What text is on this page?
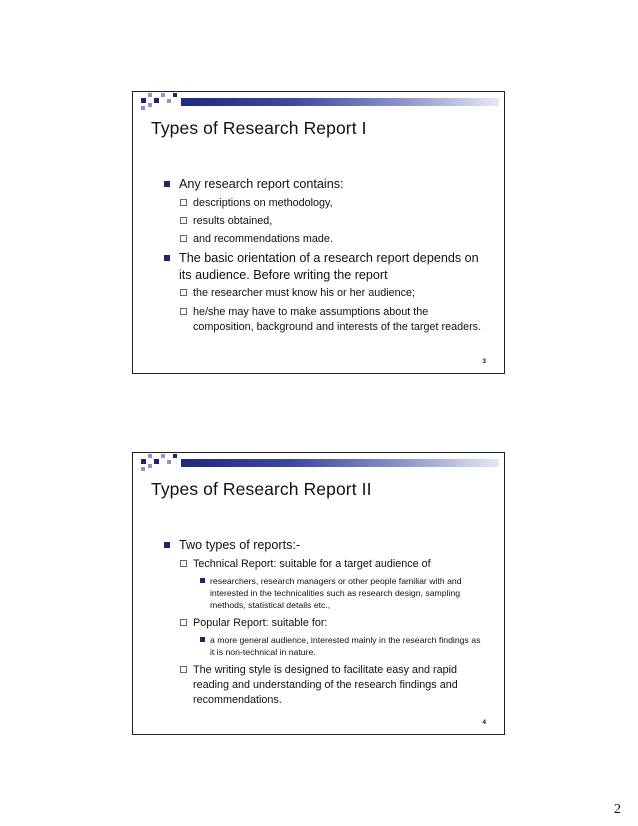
Types of Research Report I
Any research report contains:
descriptions on methodology,
results obtained,
and recommendations made.
The basic orientation of a research report depends on its audience. Before writing the report
the researcher must know his or her audience;
he/she may have to make assumptions about the composition, background and interests of the target readers.
3
Types of Research Report II
Two types of reports:-
Technical Report: suitable for a target audience of
researchers, research managers or other people familiar with and interested in the technicalities such as research design, sampling methods, statistical details etc.,
Popular Report: suitable for:
a more general audience, interested mainly in the research findings as it is non-technical in nature.
The writing style is designed to facilitate easy and rapid reading and understanding of the research findings and recommendations.
4
2
